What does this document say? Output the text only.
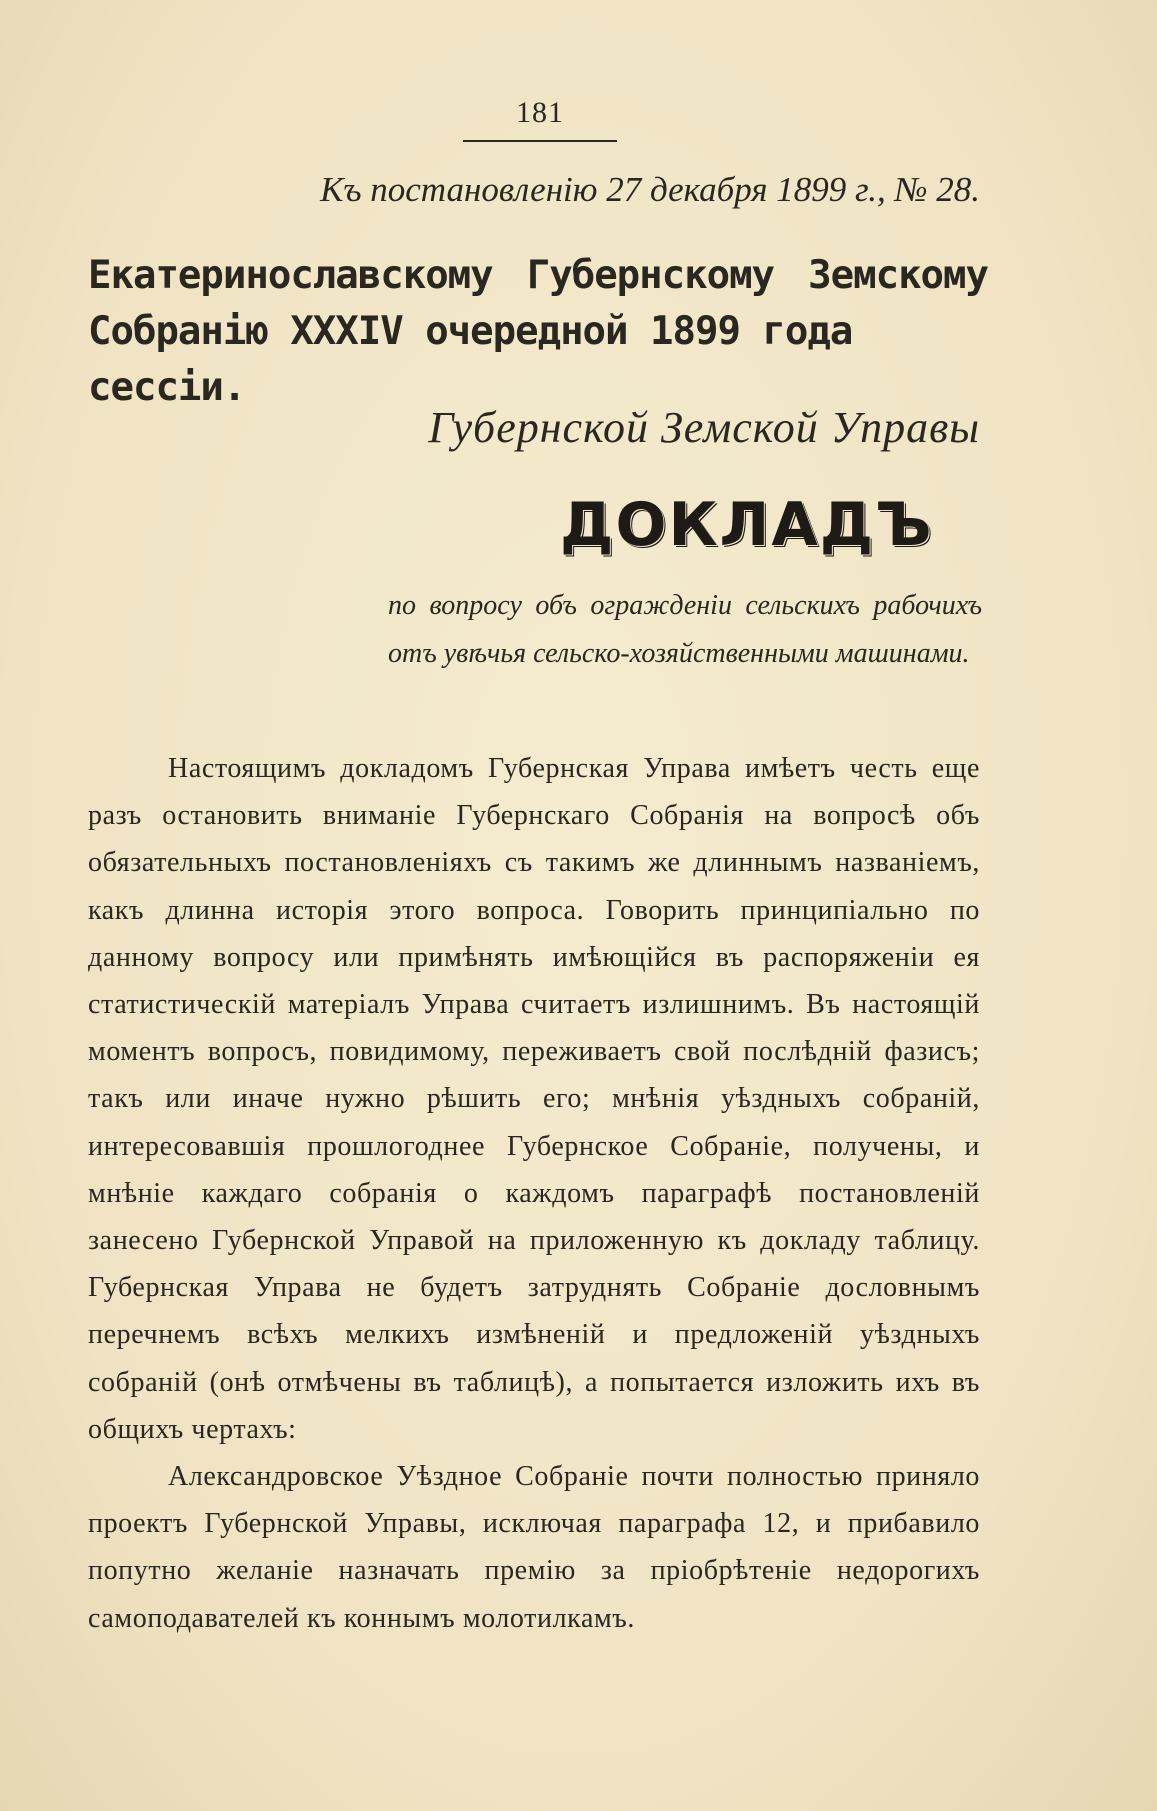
181
Къ постановленію 27 декабря 1899 г., № 28.
Екатеринославскому Губернскому Земскому
Собранію XXXIV очередной 1899 года сессіи.
Губернской Земской Управы
ДОКЛАДЪ
по вопросу объ огражденіи сельскихъ рабочихъ отъ увѣчья сельско-хозяйственными машинами.

Настоящимъ докладомъ Губернская Управа имѣетъ честь еще разъ остановить вниманіе Губернскаго Собранія на вопросѣ объ обязательныхъ постановленіяхъ съ такимъ же длиннымъ названіемъ, какъ длинна исторія этого вопроса. Говорить принципіально по данному вопросу или примѣнять имѣющійся въ распоряженіи ея статистическій матеріалъ Управа считаетъ излишнимъ. Въ настоящій моментъ вопросъ, повидимому, переживаетъ свой послѣдній фазисъ; такъ или иначе нужно рѣшить его; мнѣнія уѣздныхъ собраній, интересовавшія прошлогоднее Губернское Собраніе, получены, и мнѣніе каждаго собранія о каждомъ параграфѣ постановленій занесено Губернской Управой на приложенную къ докладу таблицу. Губернская Управа не будетъ затруднять Собраніе дословнымъ перечнемъ всѣхъ мелкихъ измѣненій и предложеній уѣздныхъ собраній (онѣ отмѣчены въ таблицѣ), а попытается изложить ихъ въ общихъ чертахъ:

Александровское Уѣздное Собраніе почти полностью приняло проектъ Губернской Управы, исключая параграфа 12, и прибавило попутно желаніе назначать премію за пріобрѣтеніе недорогихъ самоподавателей къ коннымъ молотилкамъ.
